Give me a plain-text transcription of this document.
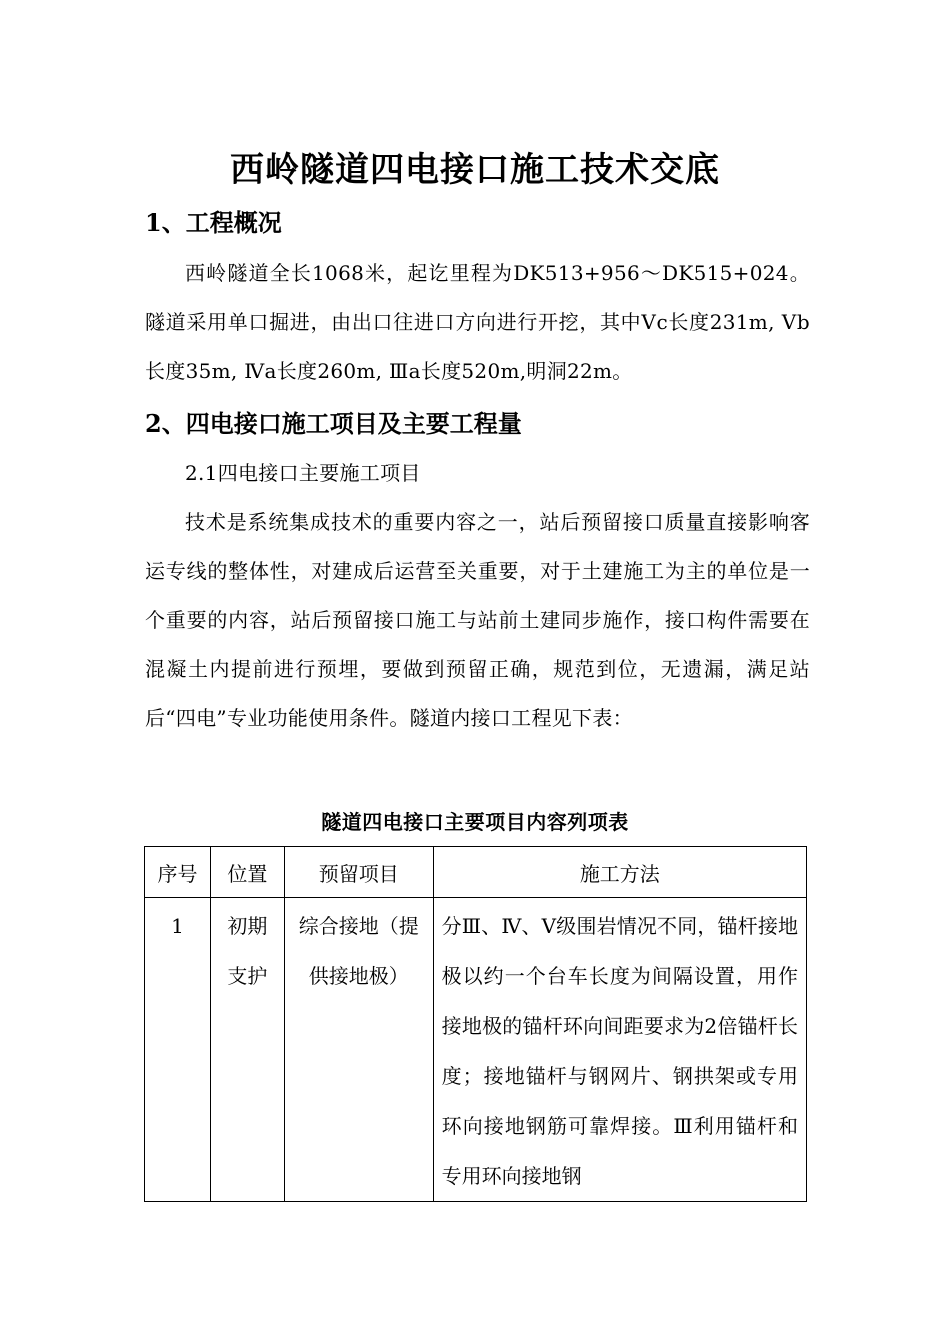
西岭隧道四电接口施工技术交底
1、工程概况
西岭隧道全长1068米，起讫里程为DK513+956～DK515+024。隧道采用单口掘进，由出口往进口方向进行开挖，其中Ⅴc长度231m, Ⅴb长度35m, Ⅳa长度260m, Ⅲa长度520m,明洞22m。
2、四电接口施工项目及主要工程量
2.1四电接口主要施工项目
技术是系统集成技术的重要内容之一，站后预留接口质量直接影响客运专线的整体性，对建成后运营至关重要，对于土建施工为主的单位是一个重要的内容，站后预留接口施工与站前土建同步施作，接口构件需要在混凝土内提前进行预埋，要做到预留正确，规范到位，无遗漏，满足站后“四电”专业功能使用条件。隧道内接口工程见下表：
隧道四电接口主要项目内容列项表
序号	位置	预留项目	施工方法

1	初期支护	综合接地（提供接地极）	分Ⅲ、Ⅳ、Ⅴ级围岩情况不同，锚杆接地极以约一个台车长度为间隔设置，用作接地极的锚杆环向间距要求为2倍锚杆长度；接地锚杆与钢网片、钢拱架或专用环向接地钢筋可靠焊接。Ⅲ利用锚杆和专用环向接地钢
